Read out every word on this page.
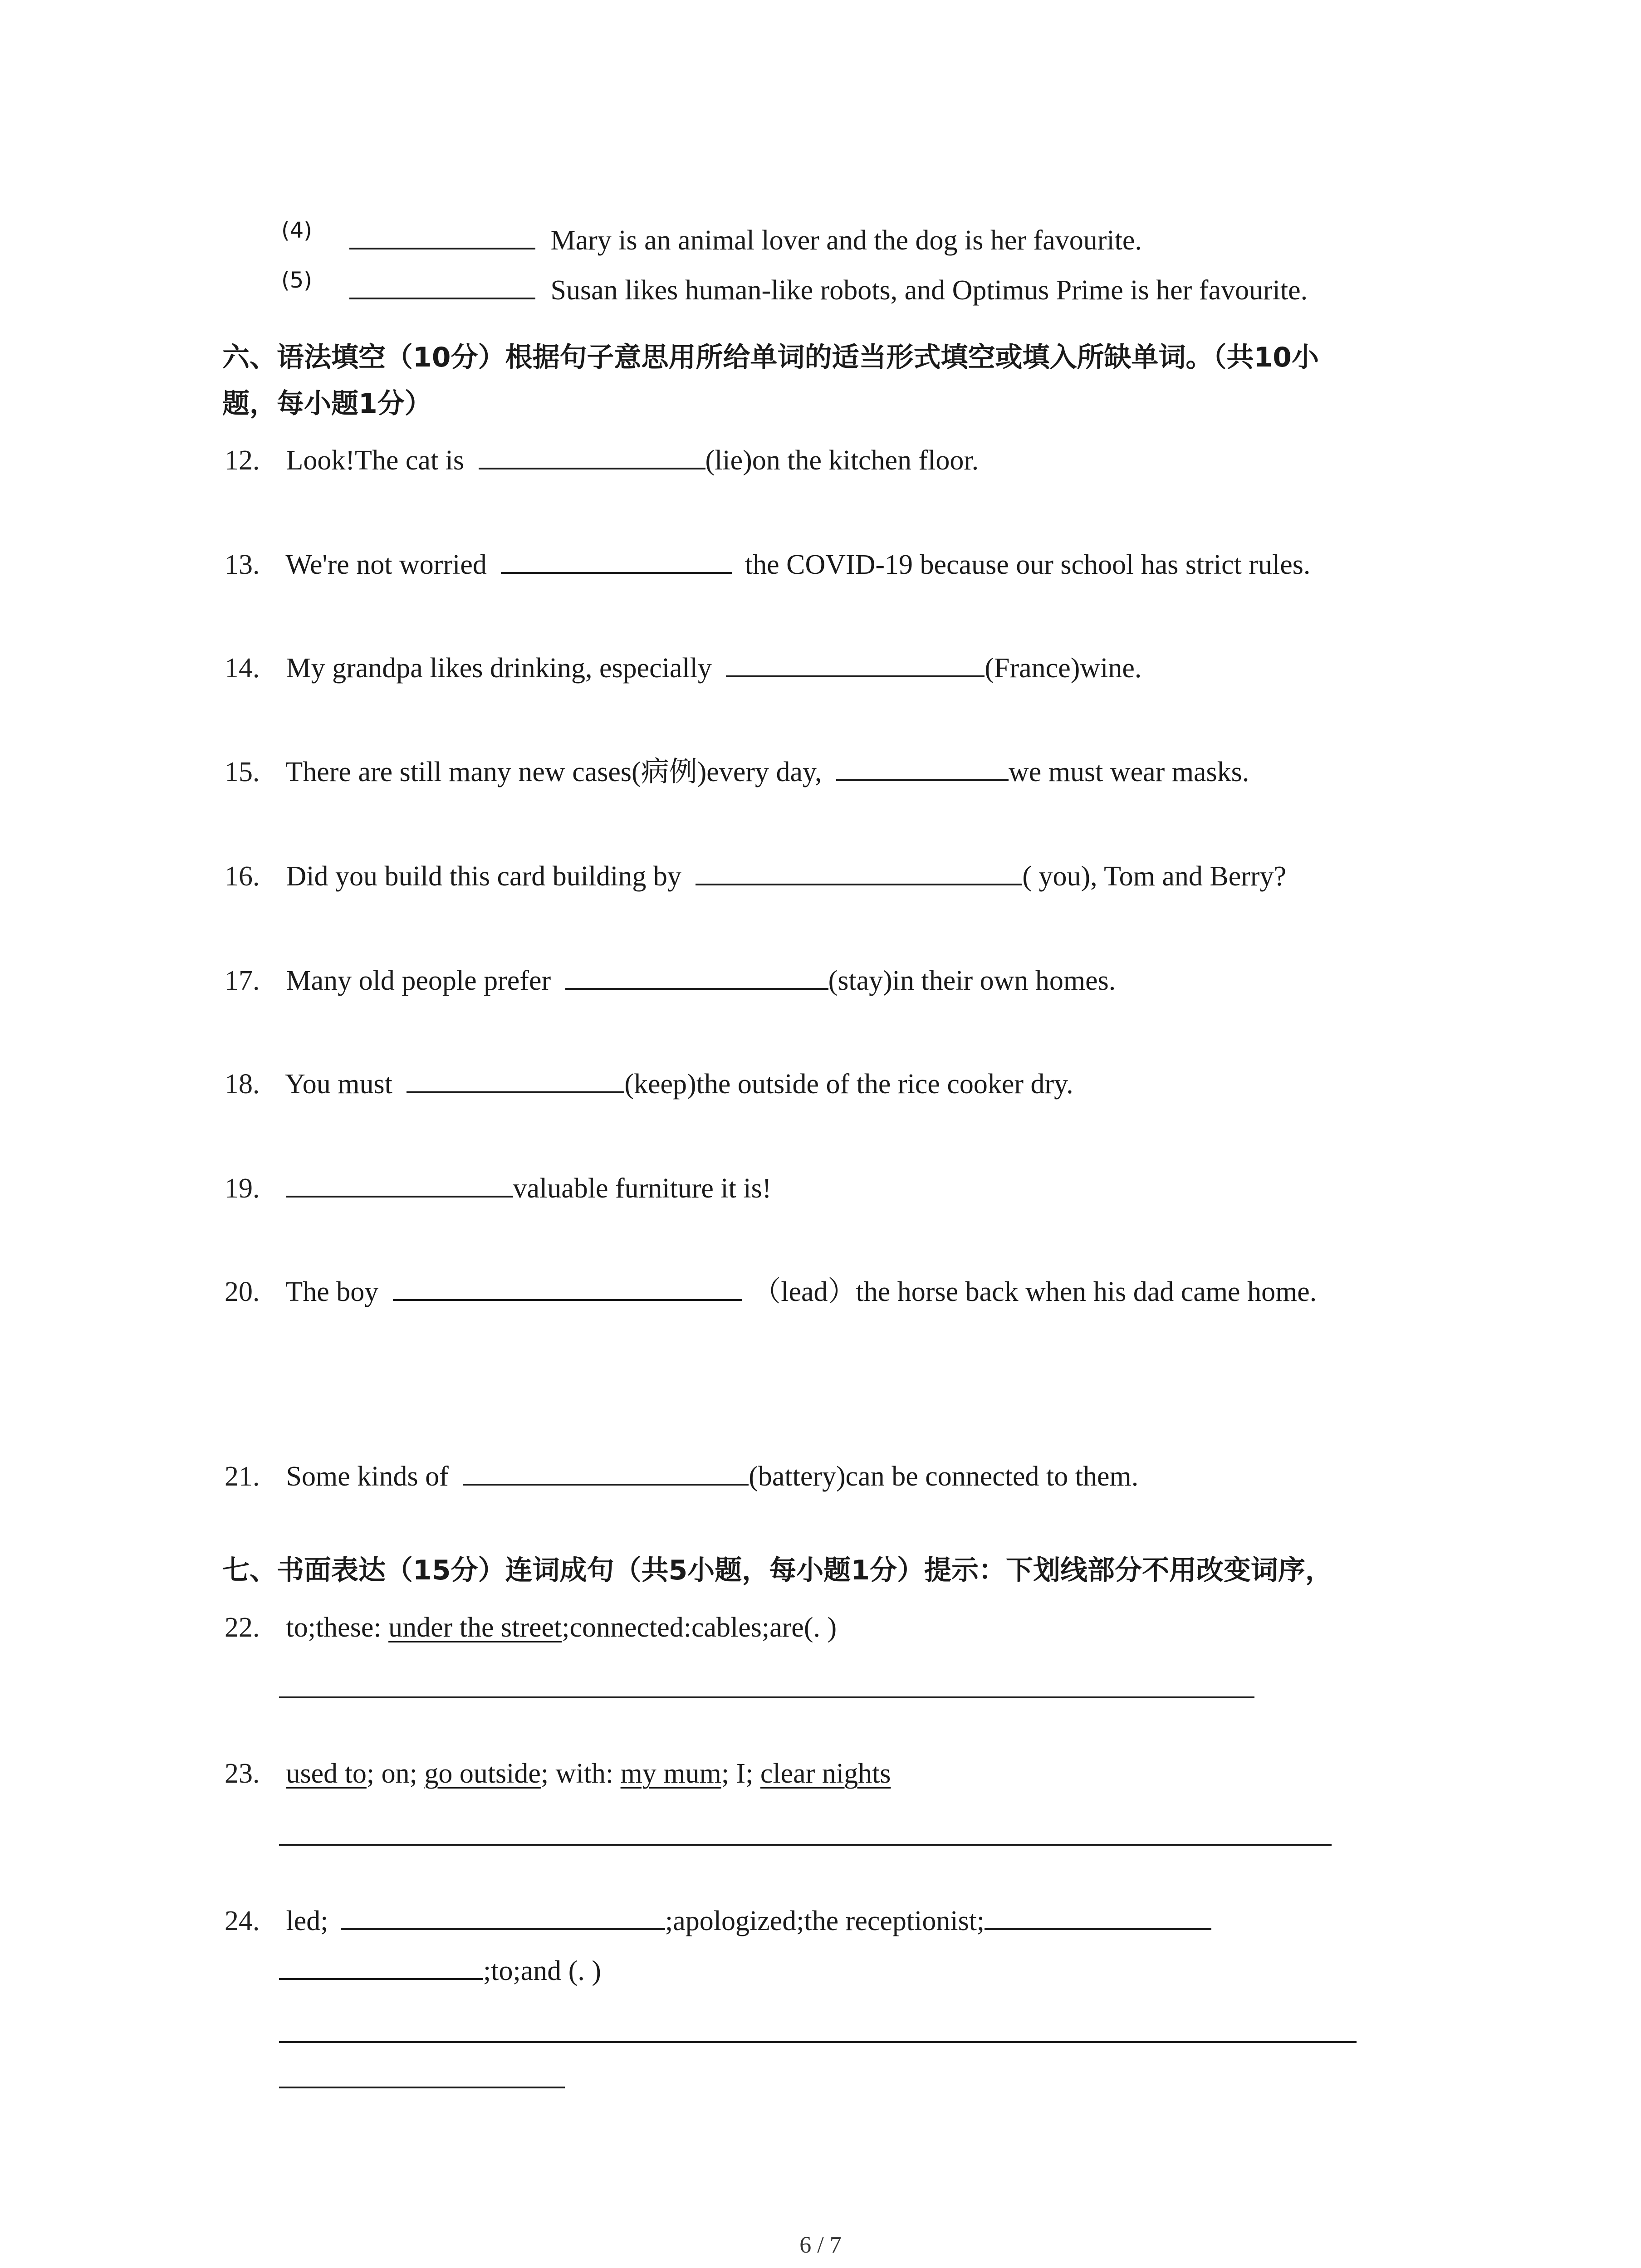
(4)	Mary is an animal lover and the dog is her favourite.
(5)	Susan likes human‐like robots, and Optimus Prime is her favourite.
六、语法填空（10分）根据句子意思用所给单词的适当形式填空或填入所缺单词。（共10小
题，每小题1分）
12. Look!The cat is	(lie)on the kitchen floor.
13. We're not worried	the COVID-19 because our school has strict rules.
14. My grandpa likes drinking, especially	(France)wine.
15. There are still many new cases(病例)every day,	we must wear masks.
16. Did you build this card building by	( you), Tom and Berry?
17. Many old people prefer	(stay)in their own homes.
18. You must	(keep)the outside of the rice cooker dry.
19.	valuable furniture it is!
20. The boy	（lead）the horse back when his dad came home.
21. Some kinds of	(battery)can be connected to them.
七、书面表达（15分）连词成句（共5小题，每小题1分）提示：下划线部分不用改变词序，
22. to;these: under the street;connected:cables;are(. )
23. used to; on; go outside; with: my mum; I; clear nights
24. led;	;apologized;the receptionist;
;to;and (. )
6 / 7
